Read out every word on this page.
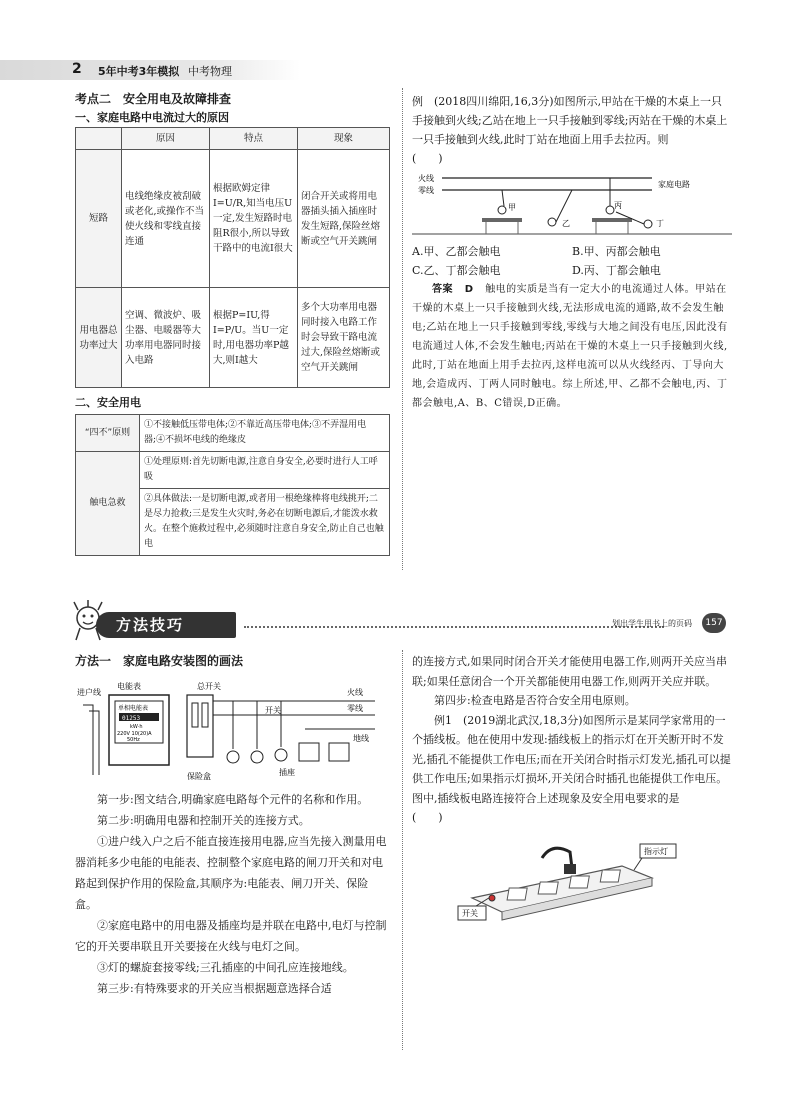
2 5年中考3年模拟 中考物理
考点二　安全用电及故障排查
一、家庭电路中电流过大的原因
	原因	特点	现象
短路	电线绝缘皮被刮破或老化,或操作不当使火线和零线直接连通	根据欧姆定律I=U/R,知当电压U一定,发生短路时电阻R很小,所以导致干路中的电流I很大	闭合开关或将用电器插头插入插座时发生短路,保险丝熔断或空气开关跳闸
用电器总功率过大	空调、微波炉、吸尘器、电暖器等大功率用电器同时接入电路	根据P=IU,得I=P/U。当U一定时,用电器功率P越大,则I越大	多个大功率用电器同时接入电路工作时会导致干路电流过大,保险丝熔断或空气开关跳闸
二、安全用电
“四不”原则	①不接触低压带电体;②不靠近高压带电体;③不弄湿用电器;④不损坏电线的绝缘皮
触电急救	①处理原则:首先切断电源,注意自身安全,必要时进行人工呼吸
	②具体做法:一是切断电源,或者用一根绝缘棒将电线挑开;二是尽力抢救;三是发生火灾时,务必在切断电源后,才能泼水救火。在整个施救过程中,必须随时注意自身安全,防止自己也触电

例　(2018四川绵阳,16,3分)如图所示,甲站在干燥的木桌上一只手接触到火线;乙站在地上一只手接触到零线;丙站在干燥的木桌上一只手接触到火线,此时丁站在地面上用手去拉丙。则　　　　　　　　　　(　　)

火线
零线
家庭电路
甲
乙
丙
丁
A.甲、乙都会触电	B.甲、丙都会触电
C.乙、丁都会触电	D.丙、丁都会触电

答案 D 触电的实质是当有一定大小的电流通过人体。甲站在干燥的木桌上一只手接触到火线,无法形成电流的通路,故不会发生触电;乙站在地上一只手接触到零线,零线与大地之间没有电压,因此没有电流通过人体,不会发生触电;丙站在干燥的木桌上一只手接触到火线,此时,丁站在地面上用手去拉丙,这样电流可以从火线经丙、丁导向大地,会造成丙、丁两人同时触电。综上所述,甲、乙都不会触电,丙、丁都会触电,A、B、C错误,D正确。

方法技巧	划出学生用书上的页码	157
方法一　家庭电路安装图的画法
进户线
电能表
单相电能表
01253
kW·h
220V 10(20)A
50Hz
总开关
保险盒
火线
零线
地线
开关
插座

第一步:图文结合,明确家庭电路每个元件的名称和作用。

第二步:明确用电器和控制开关的连接方式。

①进户线入户之后不能直接连接用电器,应当先接入测量用电器消耗多少电能的电能表、控制整个家庭电路的闸刀开关和对电路起到保护作用的保险盒,其顺序为:电能表、闸刀开关、保险盒。

②家庭电路中的用电器及插座均是并联在电路中,电灯与控制它的开关要串联且开关要接在火线与电灯之间。

③灯的螺旋套接零线;三孔插座的中间孔应连接地线。

第三步:有特殊要求的开关应当根据题意选择合适

的连接方式,如果同时闭合开关才能使用电器工作,则两开关应当串联;如果任意闭合一个开关都能使用电器工作,则两开关应并联。

第四步:检查电路是否符合安全用电原则。

例1　(2019湖北武汉,18,3分)如图所示是某同学家常用的一个插线板。他在使用中发现:插线板上的指示灯在开关断开时不发光,插孔不能提供工作电压;而在开关闭合时指示灯发光,插孔可以提供工作电压;如果指示灯损坏,开关闭合时插孔也能提供工作电压。图中,插线板电路连接符合上述现象及安全用电要求的是　　(　　)

指示灯
开关
